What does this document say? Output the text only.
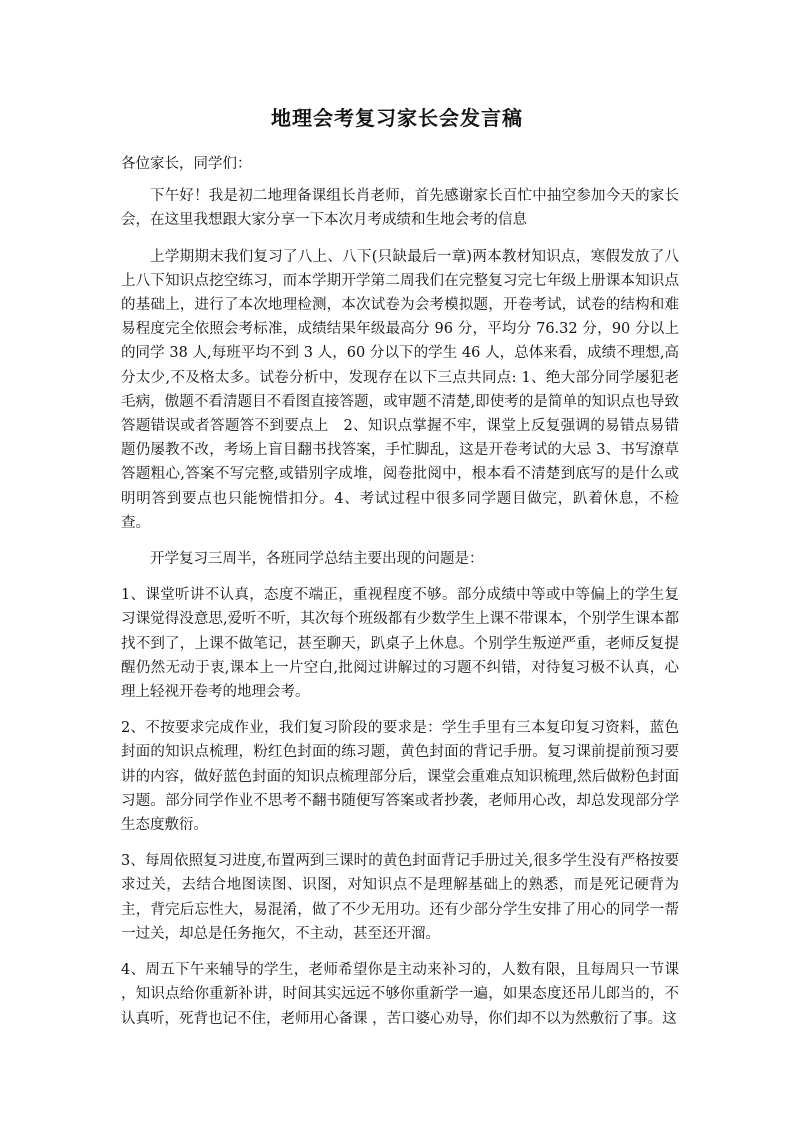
地理会考复习家长会发言稿

各位家长，同学们：

下午好！我是初二地理备课组长肖老师，首先感谢家长百忙中抽空参加今天的家长会，在这里我想跟大家分享一下本次月考成绩和生地会考的信息

上学期期末我们复习了八上、八下(只缺最后一章)两本教材知识点，寒假发放了八上八下知识点挖空练习，而本学期开学第二周我们在完整复习完七年级上册课本知识点的基础上，进行了本次地理检测，本次试卷为会考模拟题，开卷考试，试卷的结构和难易程度完全依照会考标准，成绩结果年级最高分 96 分，平均分 76.32 分，90 分以上的同学 38 人,每班平均不到 3 人，60 分以下的学生 46 人，总体来看，成绩不理想,高分太少,不及格太多。试卷分析中，发现存在以下三点共同点: 1、绝大部分同学屡犯老毛病，傲题不看清题目不看图直接答题，或审题不清楚,即使考的是简单的知识点也导致答题错误或者答题答不到要点上　2、知识点掌握不牢，课堂上反复强调的易错点易错题仍屡教不改，考场上盲目翻书找答案，手忙脚乱，这是开卷考试的大忌 3、书写潦草答题粗心,答案不写完整,或错别字成堆，阅卷批阅中，根本看不清楚到底写的是什么或明明答到要点也只能惋惜扣分。4、考试过程中很多同学题目做完，趴着休息，不检查。

开学复习三周半，各班同学总结主要出现的问题是：

1、课堂听讲不认真，态度不端正，重视程度不够。部分成绩中等或中等偏上的学生复习课觉得没意思,爱听不听，其次每个班级都有少数学生上课不带课本，个别学生课本都找不到了，上课不做笔记，甚至聊天，趴桌子上休息。个别学生叛逆严重，老师反复提醒仍然无动于衷,课本上一片空白,批阅过讲解过的习题不纠错，对待复习极不认真，心理上轻视开卷考的地理会考。

2、不按要求完成作业，我们复习阶段的要求是：学生手里有三本复印复习资料，蓝色封面的知识点梳理，粉红色封面的练习题，黄色封面的背记手册。复习课前提前预习要讲的内容，做好蓝色封面的知识点梳理部分后，课堂会重难点知识梳理,然后做粉色封面习题。部分同学作业不思考不翻书随便写答案或者抄袭，老师用心改，却总发现部分学生态度敷衍。

3、每周依照复习进度,布置两到三课时的黄色封面背记手册过关,很多学生没有严格按要求过关，去结合地图读图、识图，对知识点不是理解基础上的熟悉，而是死记硬背为主，背完后忘性大，易混淆，做了不少无用功。还有少部分学生安排了用心的同学一帮一过关，却总是任务拖欠，不主动，甚至还开溜。

4、周五下午来辅导的学生，老师希望你是主动来补习的，人数有限，且每周只一节课 ，知识点给你重新补讲，时间其实远远不够你重新学一遍，如果态度还吊儿郎当的，不认真听，死背也记不住，老师用心备课 ，苦口婆心劝导，你们却不以为然敷衍了事。这
